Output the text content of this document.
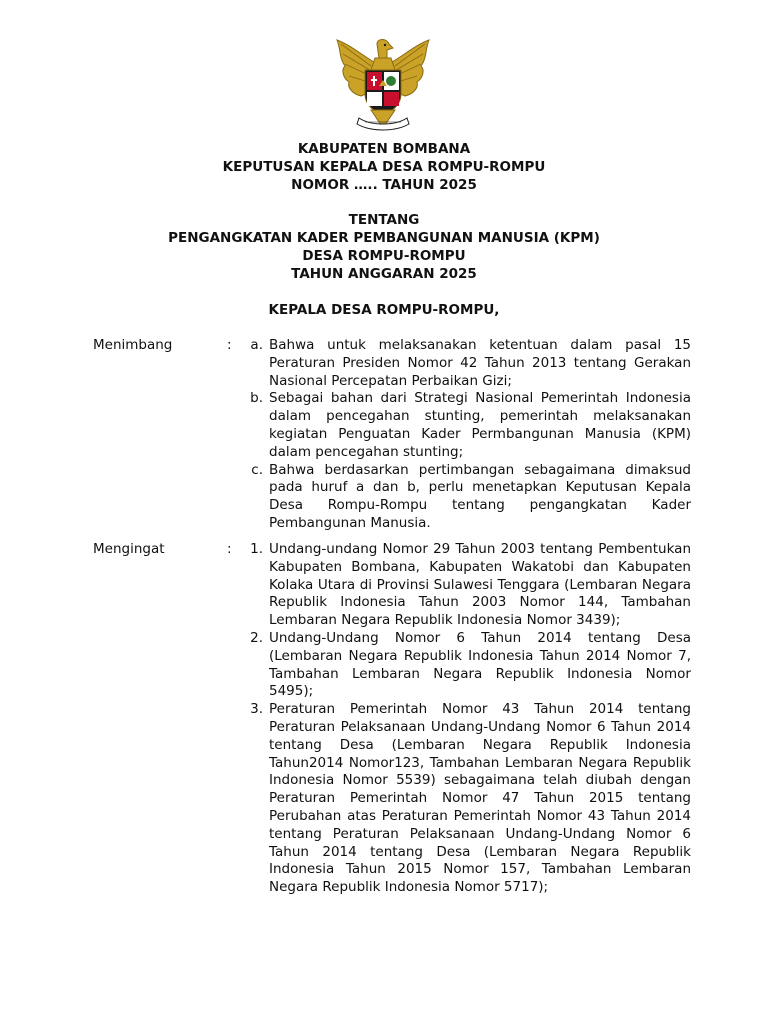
KABUPATEN BOMBANA
KEPUTUSAN KEPALA DESA ROMPU-ROMPU
NOMOR ….. TAHUN 2025
TENTANG
PENGANGKATAN KADER PEMBANGUNAN MANUSIA (KPM)
DESA ROMPU-ROMPU
TAHUN ANGGARAN 2025
KEPALA DESA ROMPU-ROMPU,
Menimbang	:	a. Bahwa untuk melaksanakan ketentuan dalam pasal 15 Peraturan Presiden Nomor 42 Tahun 2013 tentang Gerakan Nasional Percepatan Perbaikan Gizi;
b. Sebagai bahan dari Strategi Nasional Pemerintah Indonesia dalam pencegahan stunting, pemerintah melaksanakan kegiatan Penguatan Kader Permbangunan Manusia (KPM) dalam pencegahan stunting;
c. Bahwa berdasarkan pertimbangan sebagaimana dimaksud pada huruf a dan b, perlu menetapkan Keputusan Kepala Desa Rompu-Rompu tentang pengangkatan Kader Pembangunan Manusia.
Mengingat	:	1. Undang-undang Nomor 29 Tahun 2003 tentang Pembentukan Kabupaten Bombana, Kabupaten Wakatobi dan Kabupaten Kolaka Utara di Provinsi Sulawesi Tenggara (Lembaran Negara Republik Indonesia Tahun 2003 Nomor 144, Tambahan Lembaran Negara Republik Indonesia Nomor 3439);
2. Undang-Undang Nomor 6 Tahun 2014 tentang Desa (Lembaran Negara Republik Indonesia Tahun 2014 Nomor 7, Tambahan Lembaran Negara Republik Indonesia Nomor 5495);
3. Peraturan Pemerintah Nomor 43 Tahun 2014 tentang Peraturan Pelaksanaan Undang-Undang Nomor 6 Tahun 2014 tentang Desa (Lembaran Negara Republik Indonesia Tahun2014 Nomor123, Tambahan Lembaran Negara Republik Indonesia Nomor 5539) sebagaimana telah diubah dengan Peraturan Pemerintah Nomor 47 Tahun 2015 tentang Perubahan atas Peraturan Pemerintah Nomor 43 Tahun 2014 tentang Peraturan Pelaksanaan Undang-Undang Nomor 6 Tahun 2014 tentang Desa (Lembaran Negara Republik Indonesia Tahun 2015 Nomor 157, Tambahan Lembaran Negara Republik Indonesia Nomor 5717);
